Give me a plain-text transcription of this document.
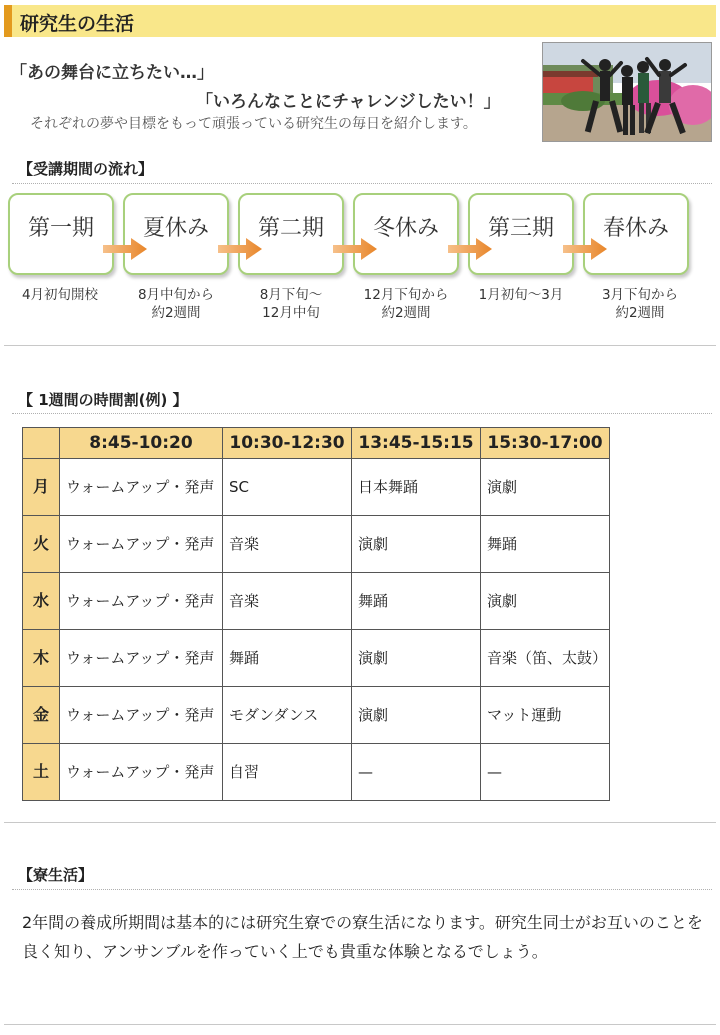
研究生の生活
「あの舞台に立ちたい…」
「いろんなことにチャレンジしたい！」
それぞれの夢や目標をもって頑張っている研究生の毎日を紹介します。
【受講期間の流れ】
第一期	夏休み	第二期	冬休み	第三期	春休み
4月初旬開校	8月中旬から
約2週間
8月下旬～
12月中旬
12月下旬から
約2週間
1月初旬～3月	3月下旬から
約2週間
【 1週間の時間割(例) 】
	8:45-10:20	10:30-12:30	13:45-15:15	15:30-17:00
月	ウォームアップ・発声	SC	日本舞踊	演劇
火	ウォームアップ・発声	音楽	演劇	舞踊
水	ウォームアップ・発声	音楽	舞踊	演劇
木	ウォームアップ・発声	舞踊	演劇	音楽（笛、太鼓）
金	ウォームアップ・発声	モダンダンス	演劇	マット運動
土	ウォームアップ・発声	自習	—	—
【寮生活】
2年間の養成所期間は基本的には研究生寮での寮生活になります。研究生同士がお互いのことを良く知り、アンサンブルを作っていく上でも貴重な体験となるでしょう。
